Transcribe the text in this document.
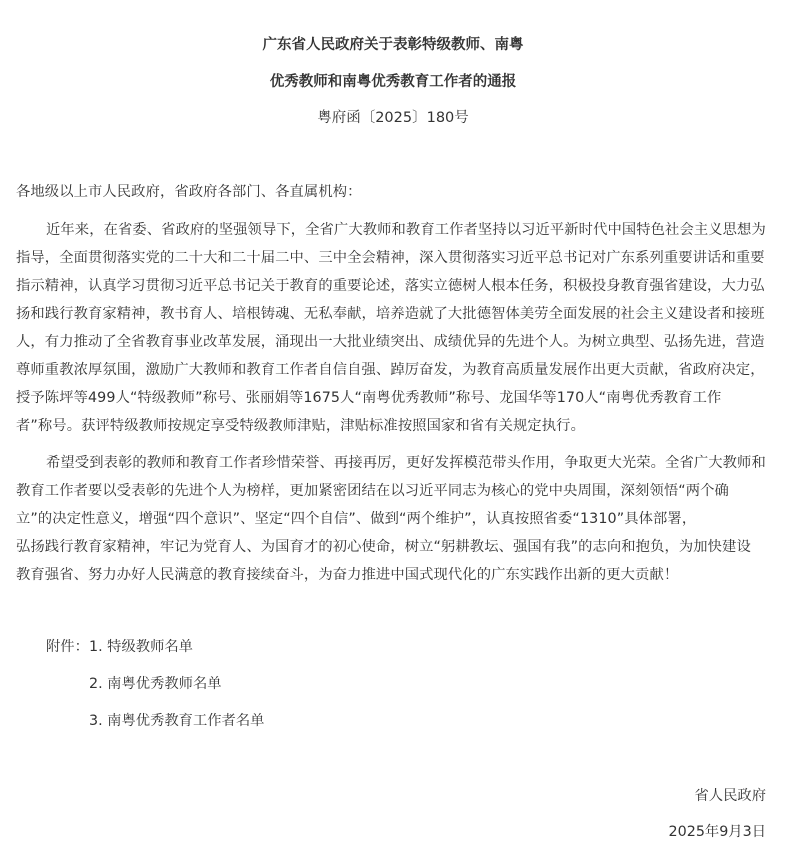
广东省人民政府关于表彰特级教师、南粤
优秀教师和南粤优秀教育工作者的通报
粤府函〔2025〕180号
各地级以上市人民政府，省政府各部门、各直属机构：
近年来，在省委、省政府的坚强领导下，全省广大教师和教育工作者坚持以习近平新时代中国特色社会主义思想为
指导，全面贯彻落实党的二十大和二十届二中、三中全会精神，深入贯彻落实习近平总书记对广东系列重要讲话和重要
指示精神，认真学习贯彻习近平总书记关于教育的重要论述，落实立德树人根本任务，积极投身教育强省建设，大力弘
扬和践行教育家精神，教书育人、培根铸魂、无私奉献，培养造就了大批德智体美劳全面发展的社会主义建设者和接班
人，有力推动了全省教育事业改革发展，涌现出一大批业绩突出、成绩优异的先进个人。为树立典型、弘扬先进，营造
尊师重教浓厚氛围，激励广大教师和教育工作者自信自强、踔厉奋发，为教育高质量发展作出更大贡献，省政府决定，
授予陈坪等499人“特级教师”称号、张丽娟等1675人“南粤优秀教师”称号、龙国华等170人“南粤优秀教育工作
者”称号。获评特级教师按规定享受特级教师津贴，津贴标准按照国家和省有关规定执行。
希望受到表彰的教师和教育工作者珍惜荣誉、再接再厉，更好发挥模范带头作用，争取更大光荣。全省广大教师和
教育工作者要以受表彰的先进个人为榜样，更加紧密团结在以习近平同志为核心的党中央周围，深刻领悟“两个确
立”的决定性意义，增强“四个意识”、坚定“四个自信”、做到“两个维护”，认真按照省委“1310”具体部署，
弘扬践行教育家精神，牢记为党育人、为国育才的初心使命，树立“躬耕教坛、强国有我”的志向和抱负，为加快建设
教育强省、努力办好人民满意的教育接续奋斗，为奋力推进中国式现代化的广东实践作出新的更大贡献！
附件： 1. 特级教师名单
2. 南粤优秀教师名单
3. 南粤优秀教育工作者名单
省人民政府
2025年9月3日
